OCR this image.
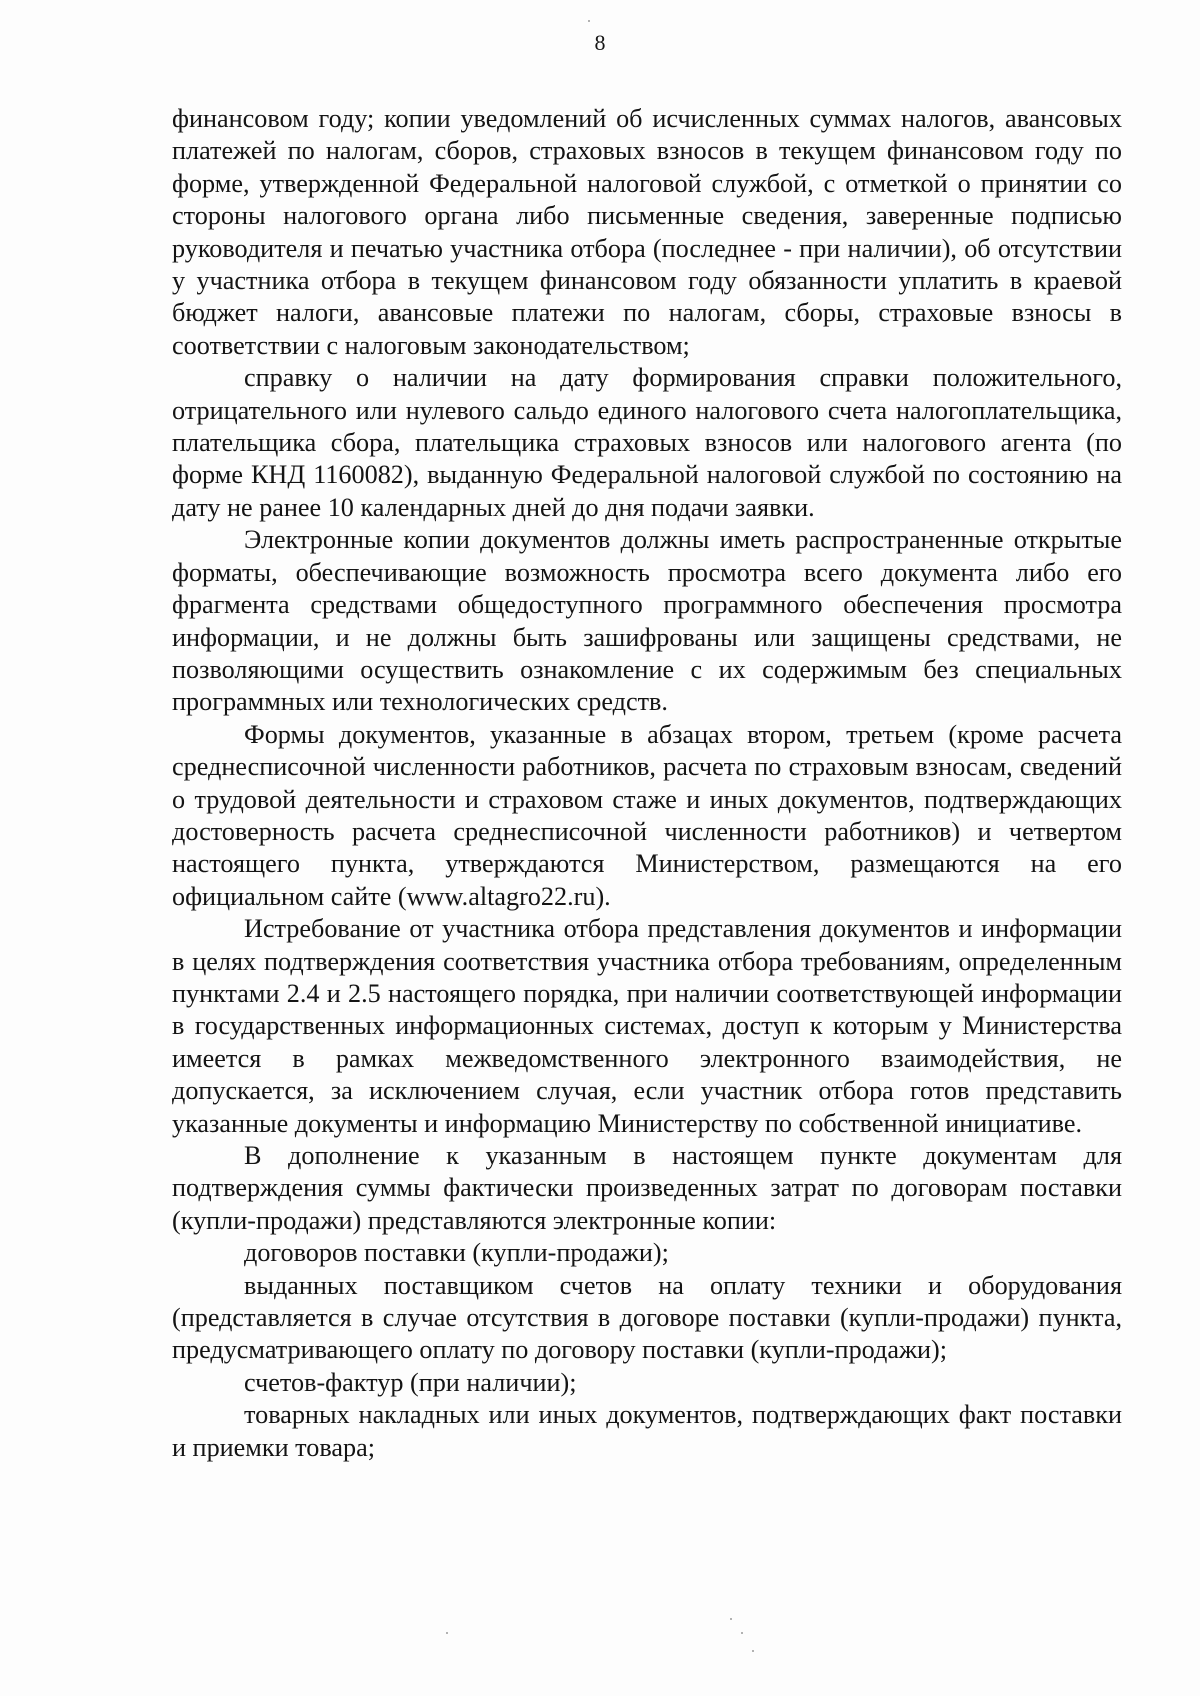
8

финансовом году; копии уведомлений об исчисленных суммах налогов, авансовых платежей по налогам, сборов, страховых взносов в текущем финансовом году по форме, утвержденной Федеральной налоговой службой, с отметкой о принятии со стороны налогового органа либо письменные сведения, заверенные подписью руководителя и печатью участника отбора (последнее - при наличии), об отсутствии у участника отбора в текущем финансовом году обязанности уплатить в краевой бюджет налоги, авансовые платежи по налогам, сборы, страховые взносы в соответствии с налоговым законодательством;

справку о наличии на дату формирования справки положительного, отрицательного или нулевого сальдо единого налогового счета налогоплательщика, плательщика сбора, плательщика страховых взносов или налогового агента (по форме КНД 1160082), выданную Федеральной налоговой службой по состоянию на дату не ранее 10 календарных дней до дня подачи заявки.

Электронные копии документов должны иметь распространенные открытые форматы, обеспечивающие возможность просмотра всего документа либо его фрагмента средствами общедоступного программного обеспечения просмотра информации, и не должны быть зашифрованы или защищены средствами, не позволяющими осуществить ознакомление с их содержимым без специальных программных или технологических средств.

Формы документов, указанные в абзацах втором, третьем (кроме расчета среднесписочной численности работников, расчета по страховым взносам, сведений о трудовой деятельности и страховом стаже и иных документов, подтверждающих достоверность расчета среднесписочной численности работников) и четвертом настоящего пункта, утверждаются Министерством, размещаются на его официальном сайте (www.altagro22.ru).

Истребование от участника отбора представления документов и информации в целях подтверждения соответствия участника отбора требованиям, определенным пунктами 2.4 и 2.5 настоящего порядка, при наличии соответствующей информации в государственных информационных системах, доступ к которым у Министерства имеется в рамках межведомственного электронного взаимодействия, не допускается, за исключением случая, если участник отбора готов представить указанные документы и информацию Министерству по собственной инициативе.

В дополнение к указанным в настоящем пункте документам для подтверждения суммы фактически произведенных затрат по договорам поставки (купли-продажи) представляются электронные копии:

договоров поставки (купли-продажи);

выданных поставщиком счетов на оплату техники и оборудования (представляется в случае отсутствия в договоре поставки (купли-продажи) пункта, предусматривающего оплату по договору поставки (купли-продажи);

счетов-фактур (при наличии);

товарных накладных или иных документов, подтверждающих факт поставки и приемки товара;
